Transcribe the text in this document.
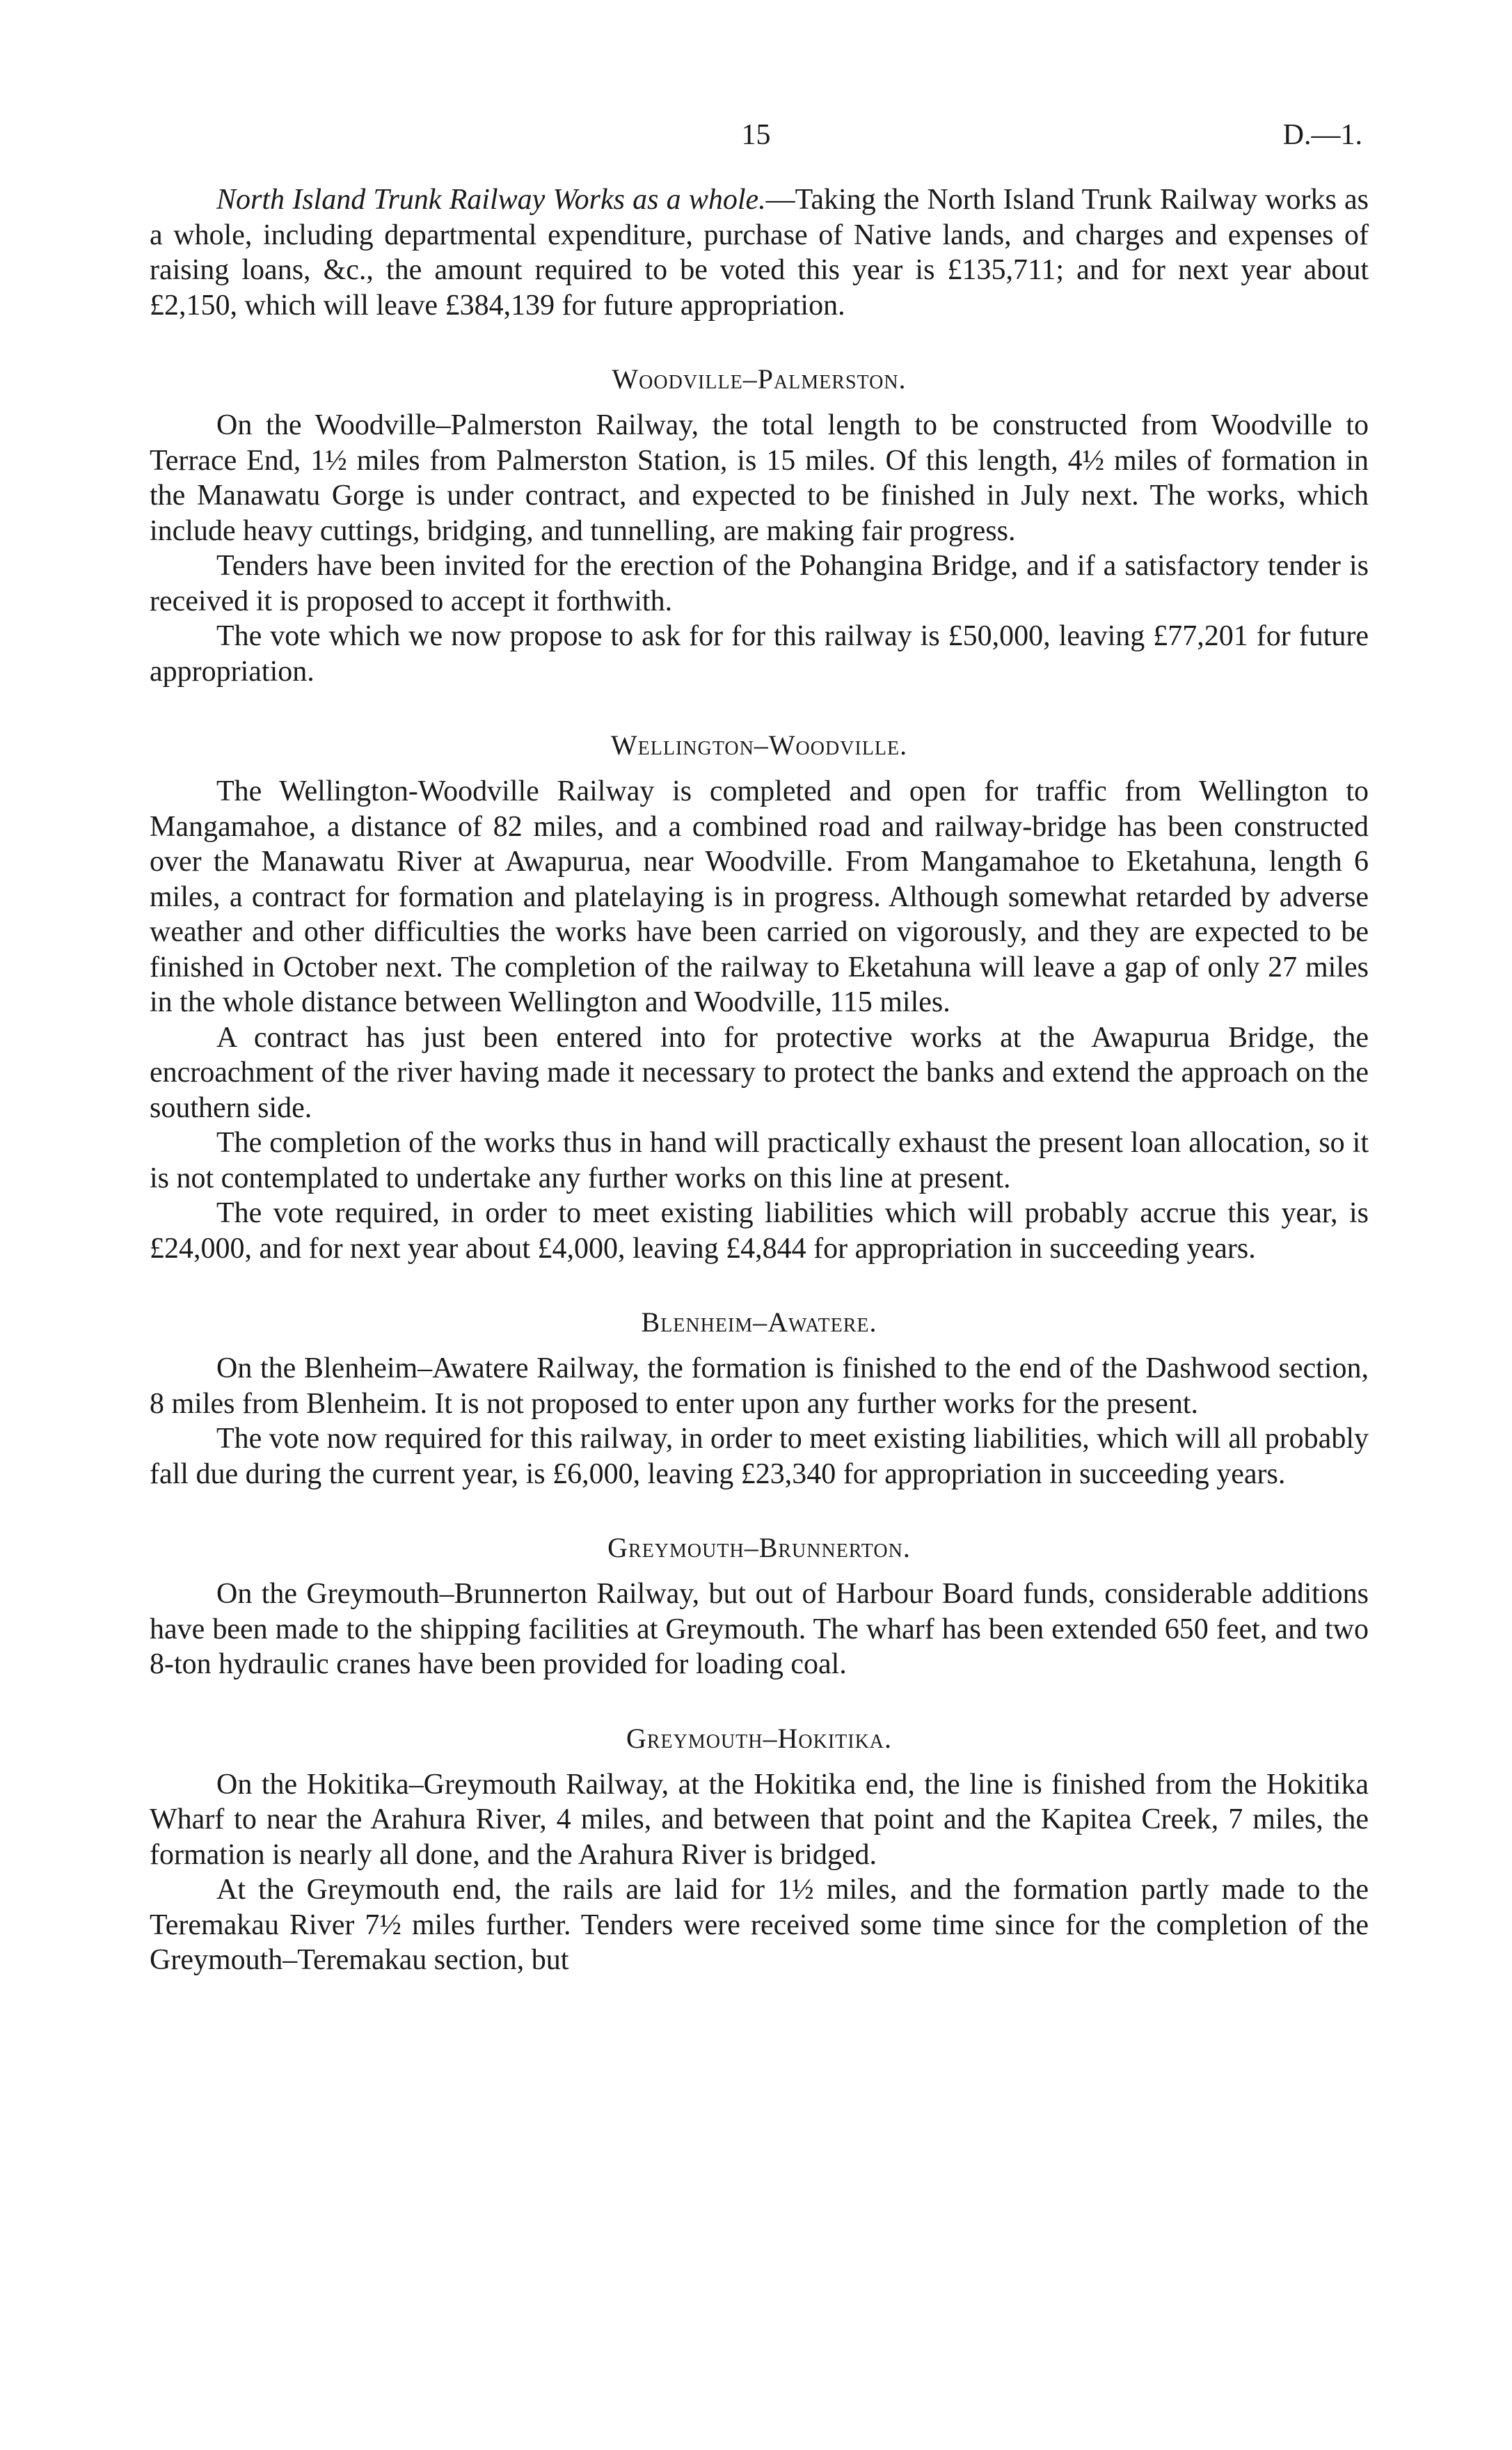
15	D.—1.

North Island Trunk Railway Works as a whole.—Taking the North Island Trunk Railway works as a whole, including departmental expenditure, purchase of Native lands, and charges and expenses of raising loans, &c., the amount required to be voted this year is £135,711; and for next year about £2,150, which will leave £384,139 for future appropriation.

Woodville–Palmerston.

On the Woodville–Palmerston Railway, the total length to be constructed from Woodville to Terrace End, 1½ miles from Palmerston Station, is 15 miles. Of this length, 4½ miles of formation in the Manawatu Gorge is under contract, and expected to be finished in July next. The works, which include heavy cuttings, bridging, and tunnelling, are making fair progress.

Tenders have been invited for the erection of the Pohangina Bridge, and if a satisfactory tender is received it is proposed to accept it forthwith.

The vote which we now propose to ask for for this railway is £50,000, leaving £77,201 for future appropriation.

Wellington–Woodville.

The Wellington-Woodville Railway is completed and open for traffic from Wellington to Mangamahoe, a distance of 82 miles, and a combined road and railway-bridge has been constructed over the Manawatu River at Awapurua, near Woodville. From Mangamahoe to Eketahuna, length 6 miles, a contract for formation and platelaying is in progress. Although somewhat retarded by adverse weather and other difficulties the works have been carried on vigorously, and they are expected to be finished in October next. The completion of the railway to Eketahuna will leave a gap of only 27 miles in the whole distance between Wellington and Woodville, 115 miles.

A contract has just been entered into for protective works at the Awapurua Bridge, the encroachment of the river having made it necessary to protect the banks and extend the approach on the southern side.

The completion of the works thus in hand will practically exhaust the present loan allocation, so it is not contemplated to undertake any further works on this line at present.

The vote required, in order to meet existing liabilities which will probably accrue this year, is £24,000, and for next year about £4,000, leaving £4,844 for appropriation in succeeding years.

Blenheim–Awatere.

On the Blenheim–Awatere Railway, the formation is finished to the end of the Dashwood section, 8 miles from Blenheim. It is not proposed to enter upon any further works for the present.

The vote now required for this railway, in order to meet existing liabilities, which will all probably fall due during the current year, is £6,000, leaving £23,340 for appropriation in succeeding years.

Greymouth–Brunnerton.

On the Greymouth–Brunnerton Railway, but out of Harbour Board funds, considerable additions have been made to the shipping facilities at Greymouth. The wharf has been extended 650 feet, and two 8-ton hydraulic cranes have been provided for loading coal.

Greymouth–Hokitika.

On the Hokitika–Greymouth Railway, at the Hokitika end, the line is finished from the Hokitika Wharf to near the Arahura River, 4 miles, and between that point and the Kapitea Creek, 7 miles, the formation is nearly all done, and the Arahura River is bridged.

At the Greymouth end, the rails are laid for 1½ miles, and the formation partly made to the Teremakau River 7½ miles further. Tenders were received some time since for the completion of the Greymouth–Teremakau section, but
